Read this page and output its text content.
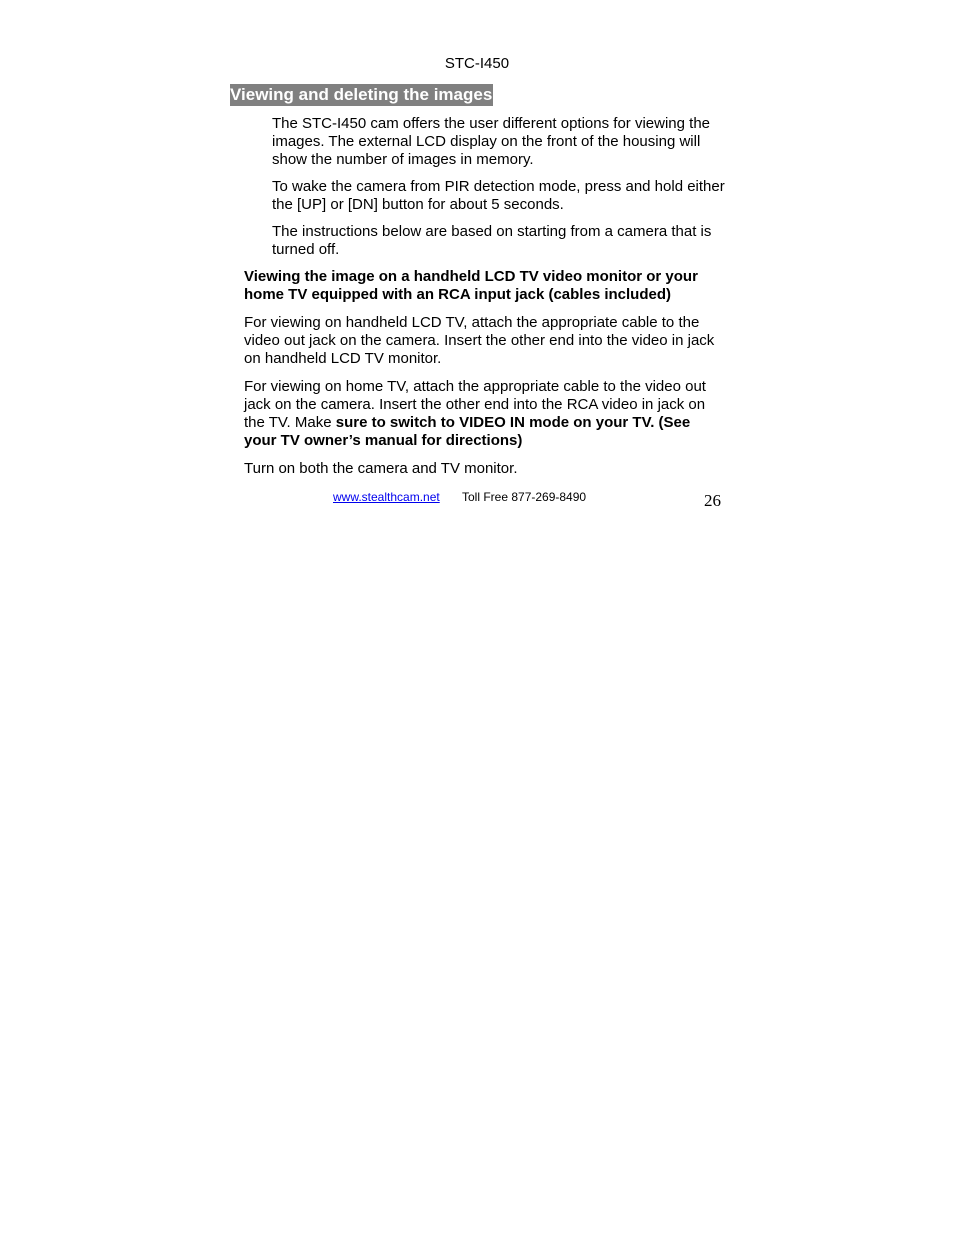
STC-I450
Viewing and deleting the images

The STC-I450 cam offers the user different options for viewing the images. The external LCD display on the front of the housing will show the number of images in memory.

To wake the camera from PIR detection mode, press and hold either the [UP] or [DN] button for about 5 seconds.

The instructions below are based on starting from a camera that is turned off.

Viewing the image on a handheld LCD TV video monitor or your home TV equipped with an RCA input jack (cables included)

For viewing on handheld LCD TV, attach the appropriate cable to the video out jack on the camera. Insert the other end into the video in jack on handheld LCD TV monitor.

For viewing on home TV, attach the appropriate cable to the video out jack on the camera. Insert the other end into the RCA video in jack on the TV. Make sure to switch to VIDEO IN mode on your TV. (See your TV owner’s manual for directions)

Turn on both the camera and TV monitor.

www.stealthcam.net Toll Free 877-269-8490	26
